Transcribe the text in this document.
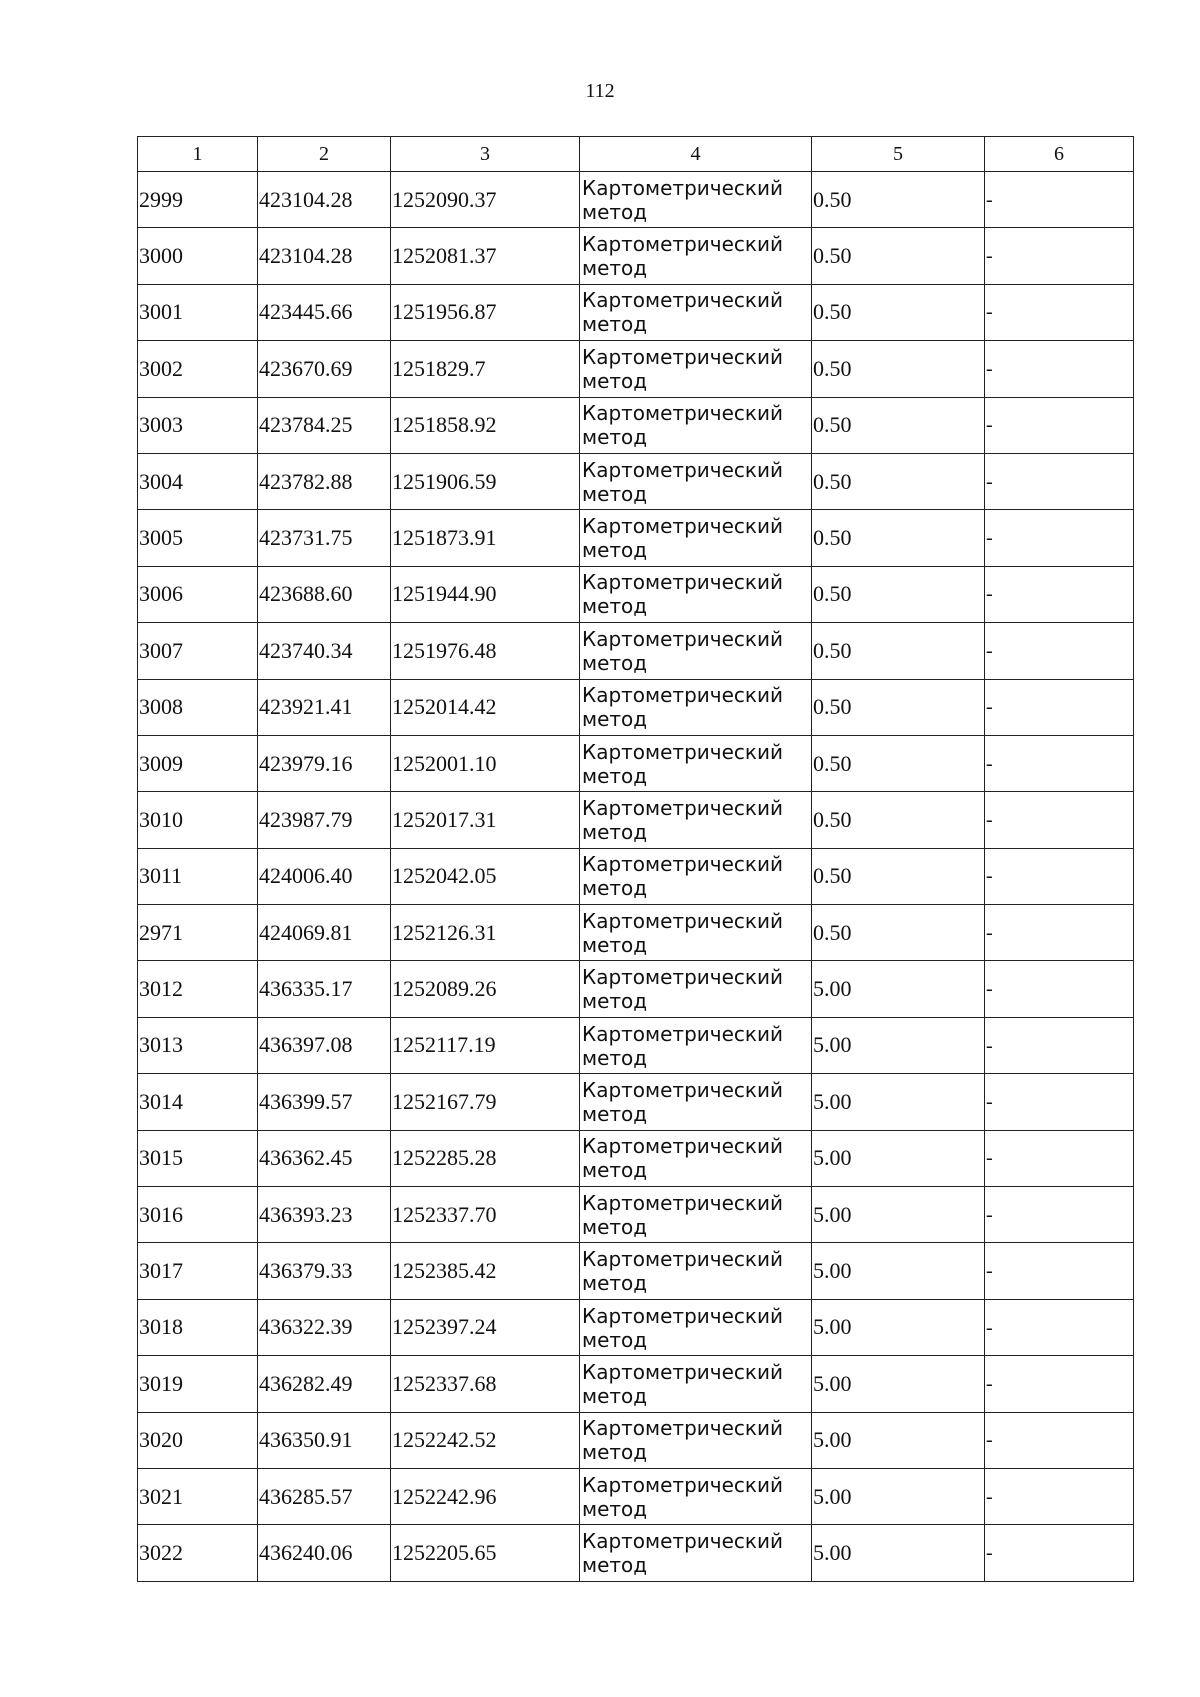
112
1	2	3	4	5	6
2999	423104.28	1252090.37	Картометрический метод	0.50	-
3000	423104.28	1252081.37	Картометрический метод	0.50	-
3001	423445.66	1251956.87	Картометрический метод	0.50	-
3002	423670.69	1251829.7	Картометрический метод	0.50	-
3003	423784.25	1251858.92	Картометрический метод	0.50	-
3004	423782.88	1251906.59	Картометрический метод	0.50	-
3005	423731.75	1251873.91	Картометрический метод	0.50	-
3006	423688.60	1251944.90	Картометрический метод	0.50	-
3007	423740.34	1251976.48	Картометрический метод	0.50	-
3008	423921.41	1252014.42	Картометрический метод	0.50	-
3009	423979.16	1252001.10	Картометрический метод	0.50	-
3010	423987.79	1252017.31	Картометрический метод	0.50	-
3011	424006.40	1252042.05	Картометрический метод	0.50	-
2971	424069.81	1252126.31	Картометрический метод	0.50	-
3012	436335.17	1252089.26	Картометрический метод	5.00	-
3013	436397.08	1252117.19	Картометрический метод	5.00	-
3014	436399.57	1252167.79	Картометрический метод	5.00	-
3015	436362.45	1252285.28	Картометрический метод	5.00	-
3016	436393.23	1252337.70	Картометрический метод	5.00	-
3017	436379.33	1252385.42	Картометрический метод	5.00	-
3018	436322.39	1252397.24	Картометрический метод	5.00	-
3019	436282.49	1252337.68	Картометрический метод	5.00	-
3020	436350.91	1252242.52	Картометрический метод	5.00	-
3021	436285.57	1252242.96	Картометрический метод	5.00	-
3022	436240.06	1252205.65	Картометрический метод	5.00	-
